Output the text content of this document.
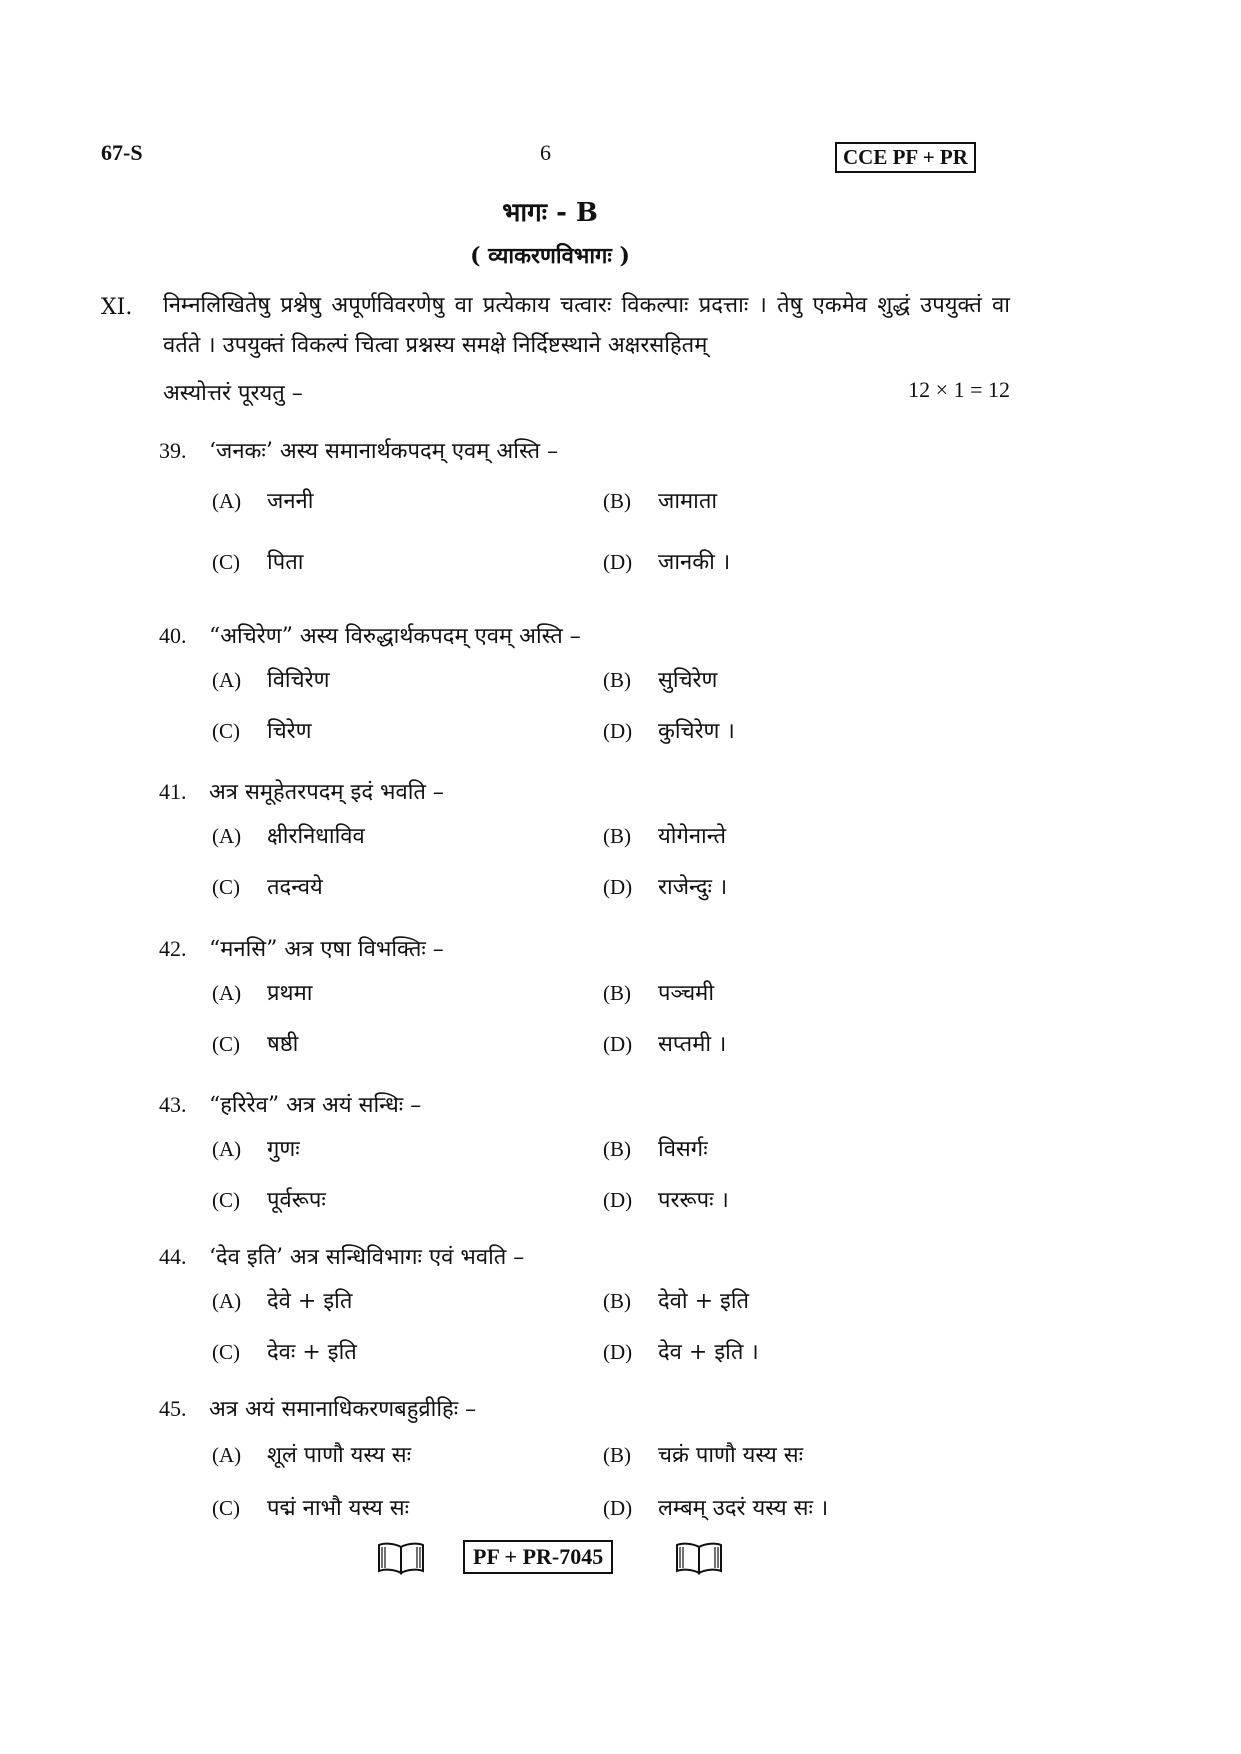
67-S	6	CCE PF + PR
भागः - B
( व्याकरणविभागः )
XI. निम्नलिखितेषु प्रश्नेषु अपूर्णविवरणेषु वा प्रत्येकाय चत्वारः विकल्पाः प्रदत्ताः । तेषु एकमेव शुद्धं उपयुक्तं वा वर्तते । उपयुक्तं विकल्पं चित्वा प्रश्नस्य समक्षे निर्दिष्टस्थाने अक्षरसहितम्
अस्योत्तरं पूरयतु –	12 × 1 = 12
39. ‘जनकः’ अस्य समानार्थकपदम् एवम् अस्ति –
(A) जननी	(B) जामाता
(C) पिता	(D) जानकी ।
40. “अचिरेण” अस्य विरुद्धार्थकपदम् एवम् अस्ति –
(A) विचिरेण	(B) सुचिरेण
(C) चिरेण	(D) कुचिरेण ।
41. अत्र समूहेतरपदम् इदं भवति –
(A) क्षीरनिधाविव	(B) योगेनान्ते
(C) तदन्वये	(D) राजेन्दुः ।
42. “मनसि” अत्र एषा विभक्तिः –
(A) प्रथमा	(B) पञ्चमी
(C) षष्ठी	(D) सप्तमी ।
43. “हरिरेव” अत्र अयं सन्धिः –
(A) गुणः	(B) विसर्गः
(C) पूर्वरूपः	(D) पररूपः ।
44. ‘देव इति’ अत्र सन्धिविभागः एवं भवति –
(A) देवे + इति	(B) देवो + इति
(C) देवः + इति	(D) देव + इति ।
45. अत्र अयं समानाधिकरणबहुव्रीहिः –
(A) शूलं पाणौ यस्य सः	(B) चक्रं पाणौ यस्य सः
(C) पद्मं नाभौ यस्य सः	(D) लम्बम् उदरं यस्य सः ।
PF + PR-7045
